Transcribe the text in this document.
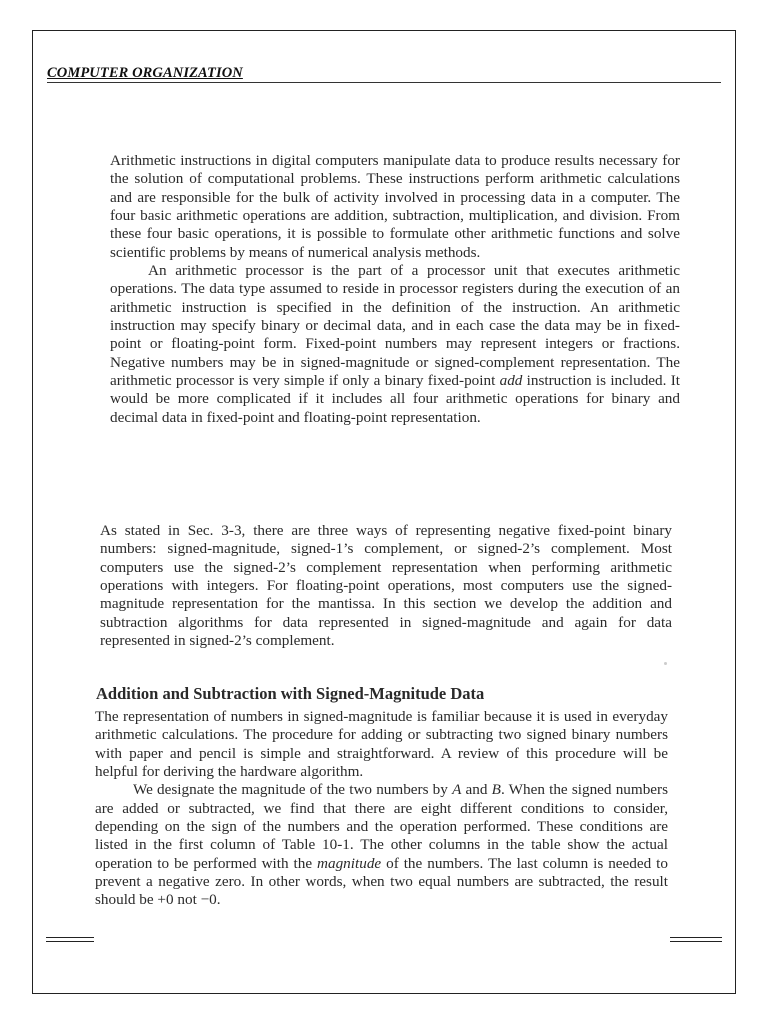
COMPUTER ORGANIZATION

Arithmetic instructions in digital computers manipulate data to produce results necessary for the solution of computational problems. These instructions perform arithmetic calculations and are responsible for the bulk of activity involved in processing data in a computer. The four basic arithmetic operations are addition, subtraction, multiplication, and division. From these four basic operations, it is possible to formulate other arithmetic functions and solve scientific problems by means of numerical analysis methods.
An arithmetic processor is the part of a processor unit that executes arithmetic operations. The data type assumed to reside in processor registers during the execution of an arithmetic instruction is specified in the definition of the instruction. An arithmetic instruction may specify binary or decimal data, and in each case the data may be in fixed-point or floating-point form. Fixed-point numbers may represent integers or fractions. Negative numbers may be in signed-magnitude or signed-complement representation. The arithmetic processor is very simple if only a binary fixed-point add instruction is included. It would be more complicated if it includes all four arithmetic operations for binary and decimal data in fixed-point and floating-point representation.

As stated in Sec. 3-3, there are three ways of representing negative fixed-point binary numbers: signed-magnitude, signed-1’s complement, or signed-2’s complement. Most computers use the signed-2’s complement representation when performing arithmetic operations with integers. For floating-point operations, most computers use the signed-magnitude representation for the mantissa. In this section we develop the addition and subtraction algorithms for data represented in signed-magnitude and again for data represented in signed-2’s complement.

Addition and Subtraction with Signed-Magnitude Data

The representation of numbers in signed-magnitude is familiar because it is used in everyday arithmetic calculations. The procedure for adding or subtracting two signed binary numbers with paper and pencil is simple and straightforward. A review of this procedure will be helpful for deriving the hardware algorithm.
We designate the magnitude of the two numbers by A and B. When the signed numbers are added or subtracted, we find that there are eight different conditions to consider, depending on the sign of the numbers and the operation performed. These conditions are listed in the first column of Table 10-1. The other columns in the table show the actual operation to be performed with the magnitude of the numbers. The last column is needed to prevent a negative zero. In other words, when two equal numbers are subtracted, the result should be +0 not −0.
